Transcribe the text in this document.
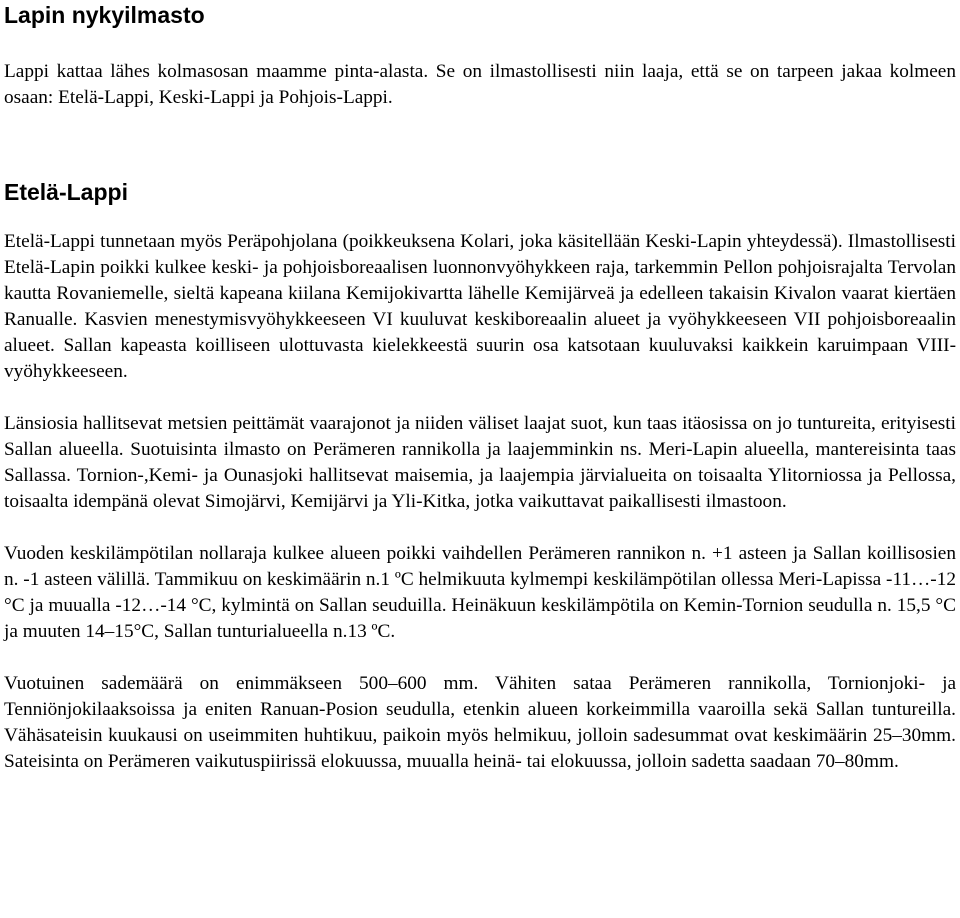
Lapin nykyilmasto

Lappi kattaa lähes kolmasosan maamme pinta-alasta. Se on ilmastollisesti niin laaja, että se on tarpeen jakaa kolmeen osaan: Etelä-Lappi, Keski-Lappi ja Pohjois-Lappi.

Etelä-Lappi

Etelä-Lappi tunnetaan myös Peräpohjolana (poikkeuksena Kolari, joka käsitellään Keski-Lapin yhteydessä). Ilmastollisesti Etelä-Lapin poikki kulkee keski- ja pohjoisboreaalisen luonnonvyöhykkeen raja, tarkemmin Pellon pohjoisrajalta Tervolan kautta Rovaniemelle, sieltä kapeana kiilana Kemijokivartta lähelle Kemijärveä ja edelleen takaisin Kivalon vaarat kiertäen Ranualle. Kasvien menestymisvyöhykkeeseen VI kuuluvat keskiboreaalin alueet ja vyöhykkeeseen VII pohjoisboreaalin alueet. Sallan kapeasta koilliseen ulottuvasta kielekkeestä suurin osa katsotaan kuuluvaksi kaikkein karuimpaan VIII-vyöhykkeeseen.

Länsiosia hallitsevat metsien peittämät vaarajonot ja niiden väliset laajat suot, kun taas itäosissa on jo tuntureita, erityisesti Sallan alueella. Suotuisinta ilmasto on Perämeren rannikolla ja laajemminkin ns. Meri-Lapin alueella, mantereisinta taas Sallassa. Tornion-,Kemi- ja Ounasjoki hallitsevat maisemia, ja laajempia järvialueita on toisaalta Ylitorniossa ja Pellossa, toisaalta idempänä olevat Simojärvi, Kemijärvi ja Yli-Kitka, jotka vaikuttavat paikallisesti ilmastoon.

Vuoden keskilämpötilan nollaraja kulkee alueen poikki vaihdellen Perämeren rannikon n. +1 asteen ja Sallan koillisosien n. -1 asteen välillä. Tammikuu on keskimäärin n.1 ºC helmikuuta kylmempi keskilämpötilan ollessa Meri-Lapissa -11…-12 °C ja muualla -12…-14 °C, kylmintä on Sallan seuduilla. Heinäkuun keskilämpötila on Kemin-Tornion seudulla n. 15,5 °C ja muuten 14–15°C, Sallan tunturialueella n.13 ºC.

Vuotuinen sademäärä on enimmäkseen 500–600 mm. Vähiten sataa Perämeren rannikolla, Tornionjoki- ja Tenniönjokilaaksoissa ja eniten Ranuan-Posion seudulla, etenkin alueen korkeimmilla vaaroilla sekä Sallan tuntureilla. Vähäsateisin kuukausi on useimmiten huhtikuu, paikoin myös helmikuu, jolloin sadesummat ovat keskimäärin 25–30mm. Sateisinta on Perämeren vaikutuspiirissä elokuussa, muualla heinä- tai elokuussa, jolloin sadetta saadaan 70–80mm.
